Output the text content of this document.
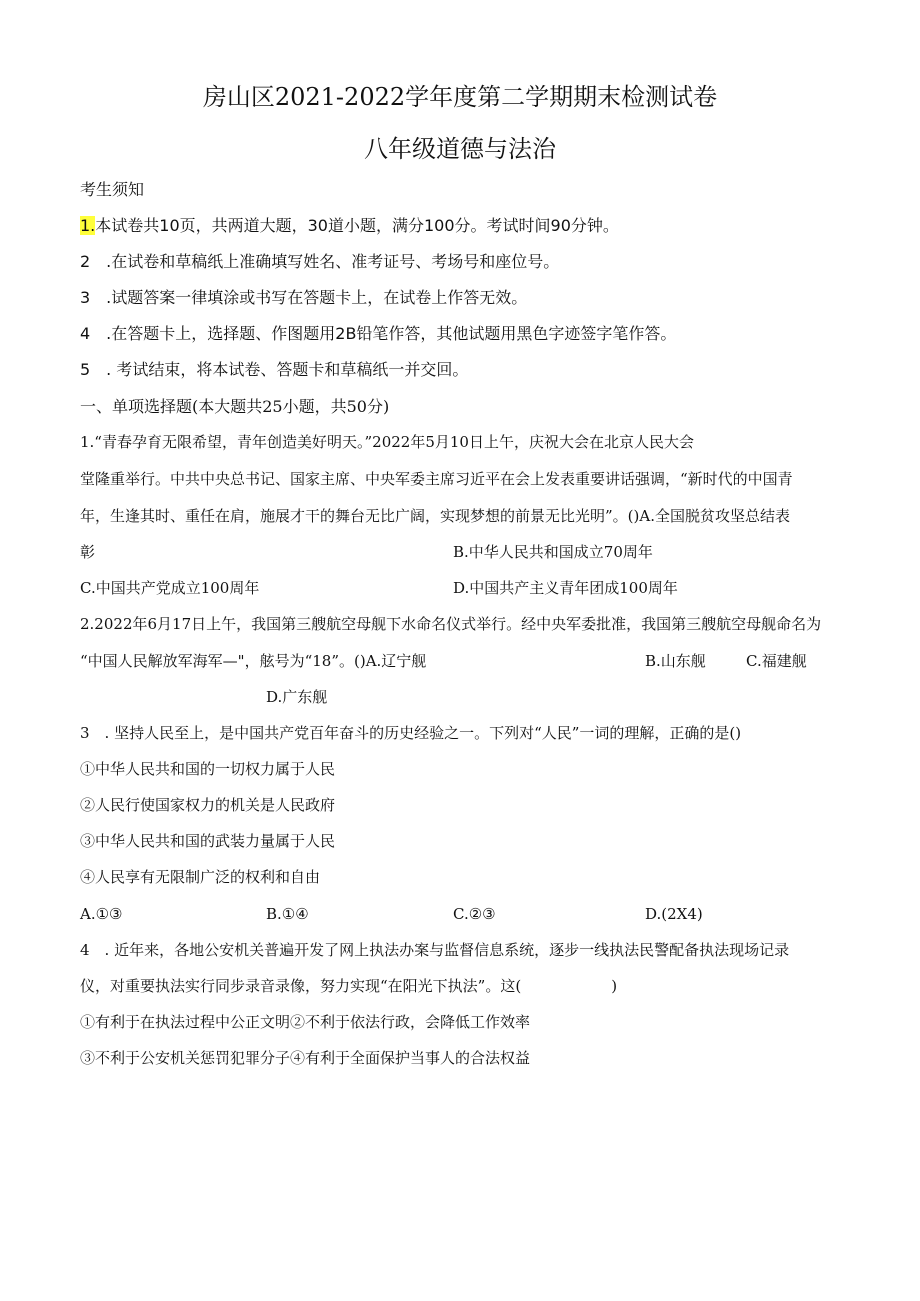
房山区2021-2022学年度第二学期期末检测试卷
八年级道德与法治
考生须知
1.本试卷共10页，共两道大题，30道小题，满分100分。考试时间90分钟。
2　.在试卷和草稿纸上准确填写姓名、准考证号、考场号和座位号。
3　.试题答案一律填涂或书写在答题卡上，在试卷上作答无效。
4　.在答题卡上，选择题、作图题用2B铅笔作答，其他试题用黑色字迹签字笔作答。
5　. 考试结束，将本试卷、答题卡和草稿纸一并交回。
一、单项选择题(本大题共25小题，共50分)
1.“青春孕育无限希望，青年创造美好明天。”2022年5月10日上午，庆祝大会在北京人民大会
堂隆重举行。中共中央总书记、国家主席、中央军委主席习近平在会上发表重要讲话强调，“新时代的中国青
年，生逢其时、重任在肩，施展才干的舞台无比广阔，实现梦想的前景无比光明”。()A.全国脱贫攻坚总结表
彰	B.中华人民共和国成立70周年
C.中国共产党成立100周年	D.中国共产主义青年团成100周年
2.2022年6月17日上午，我国第三艘航空母舰下水命名仪式举行。经中央军委批准，我国第三艘航空母舰命名为
“中国人民解放军海军—"，舷号为“18”。()A.辽宁舰	B.山东舰	C.福建舰
D.广东舰
3　. 坚持人民至上，是中国共产党百年奋斗的历史经验之一。下列对“人民”一词的理解，正确的是()
①中华人民共和国的一切权力属于人民
②人民行使国家权力的机关是人民政府
③中华人民共和国的武装力量属于人民
④人民享有无限制广泛的权利和自由
A.①③	B.①④	C.②③	D.(2X4)
4　. 近年来，各地公安机关普遍开发了网上执法办案与监督信息系统，逐步一线执法民警配备执法现场记录
仪，对重要执法实行同步录音录像，努力实现“在阳光下执法”。这(　　　　　　)
①有利于在执法过程中公正文明②不利于依法行政，会降低工作效率
③不利于公安机关惩罚犯罪分子④有利于全面保护当事人的合法权益
